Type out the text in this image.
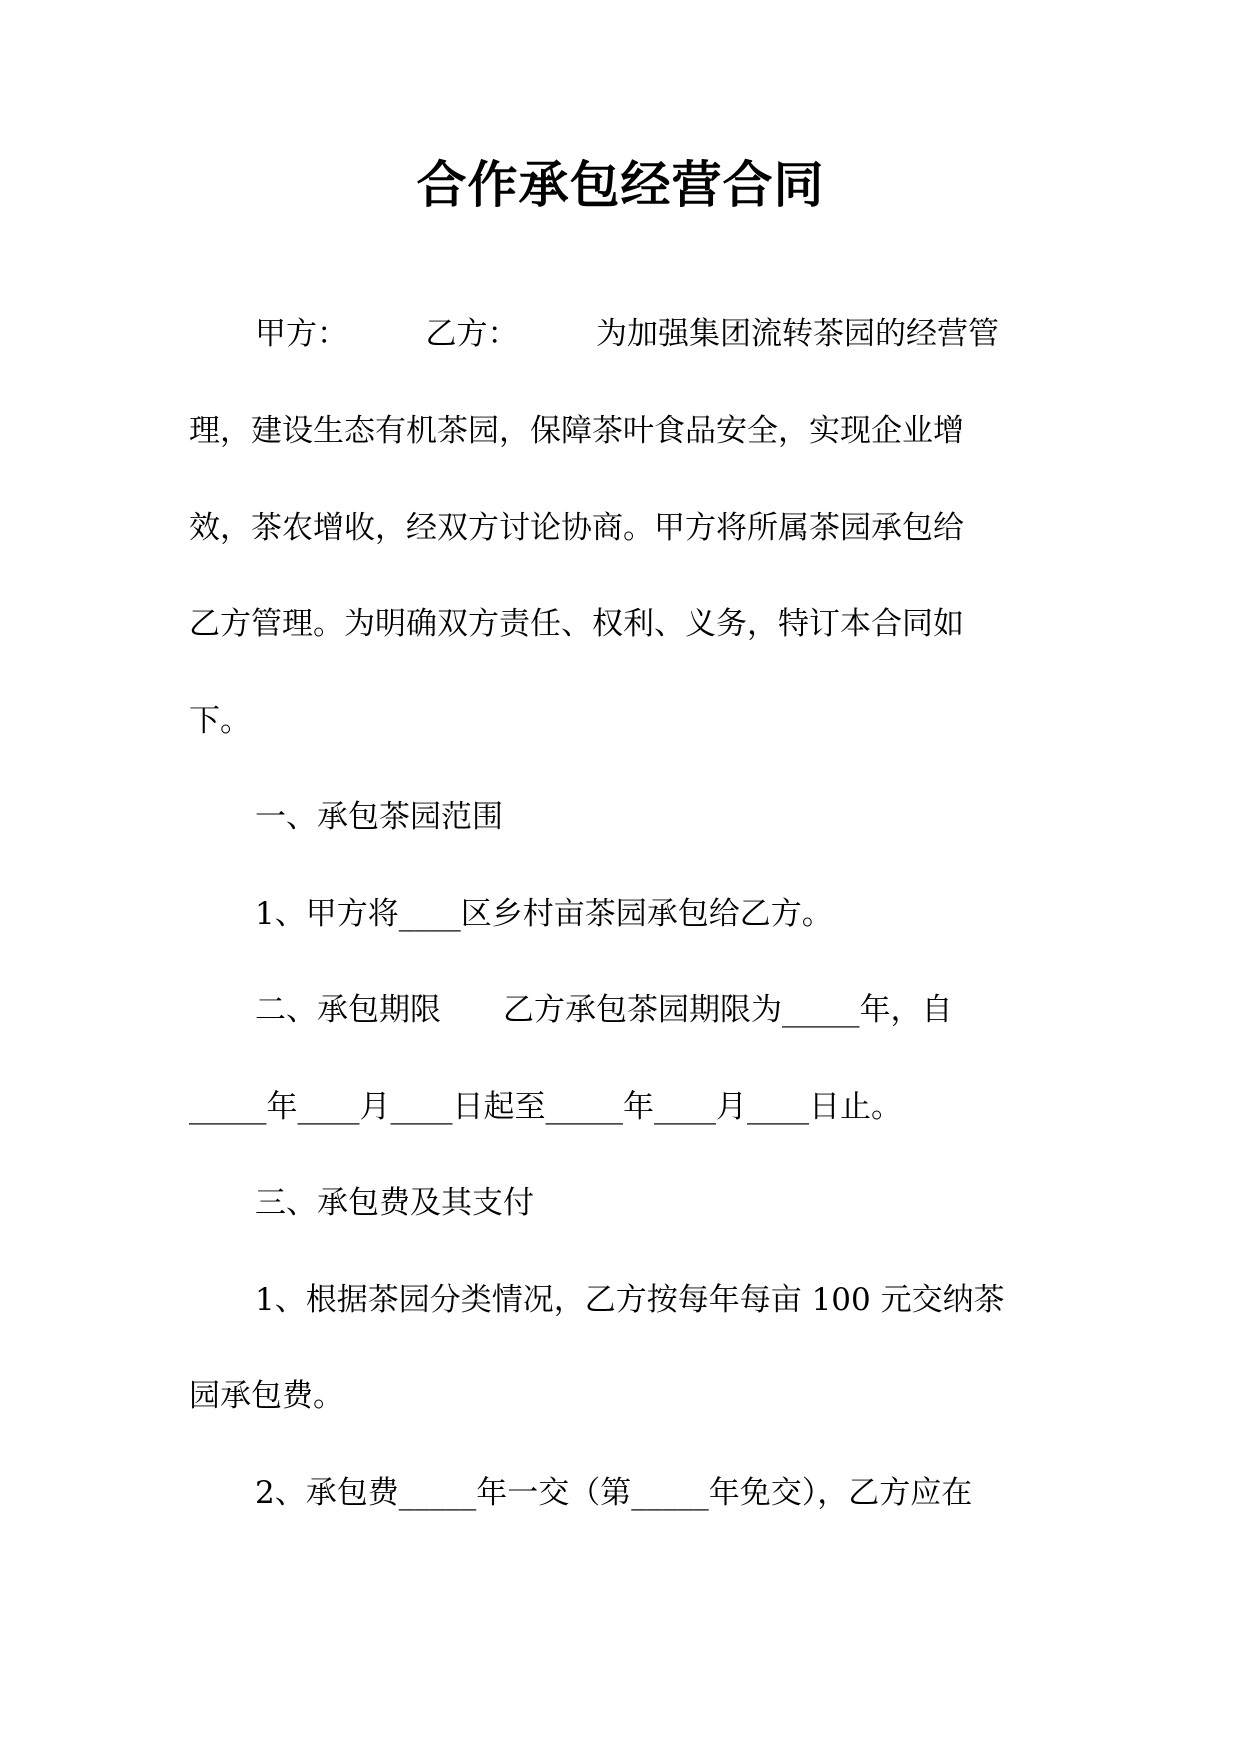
合作承包经营合同
甲方：　　　乙方：　　　为加强集团流转茶园的经营管
理，建设生态有机茶园，保障茶叶食品安全，实现企业增
效，茶农增收，经双方讨论协商。甲方将所属茶园承包给
乙方管理。为明确双方责任、权利、义务，特订本合同如
下。
一、承包茶园范围
1、甲方将____区乡村亩茶园承包给乙方。
二、承包期限　　乙方承包茶园期限为_____年，自
_____年____月____日起至_____年____月____日止。
三、承包费及其支付
1、根据茶园分类情况，乙方按每年每亩 100 元交纳茶
园承包费。
2、承包费_____年一交（第_____年免交），乙方应在
